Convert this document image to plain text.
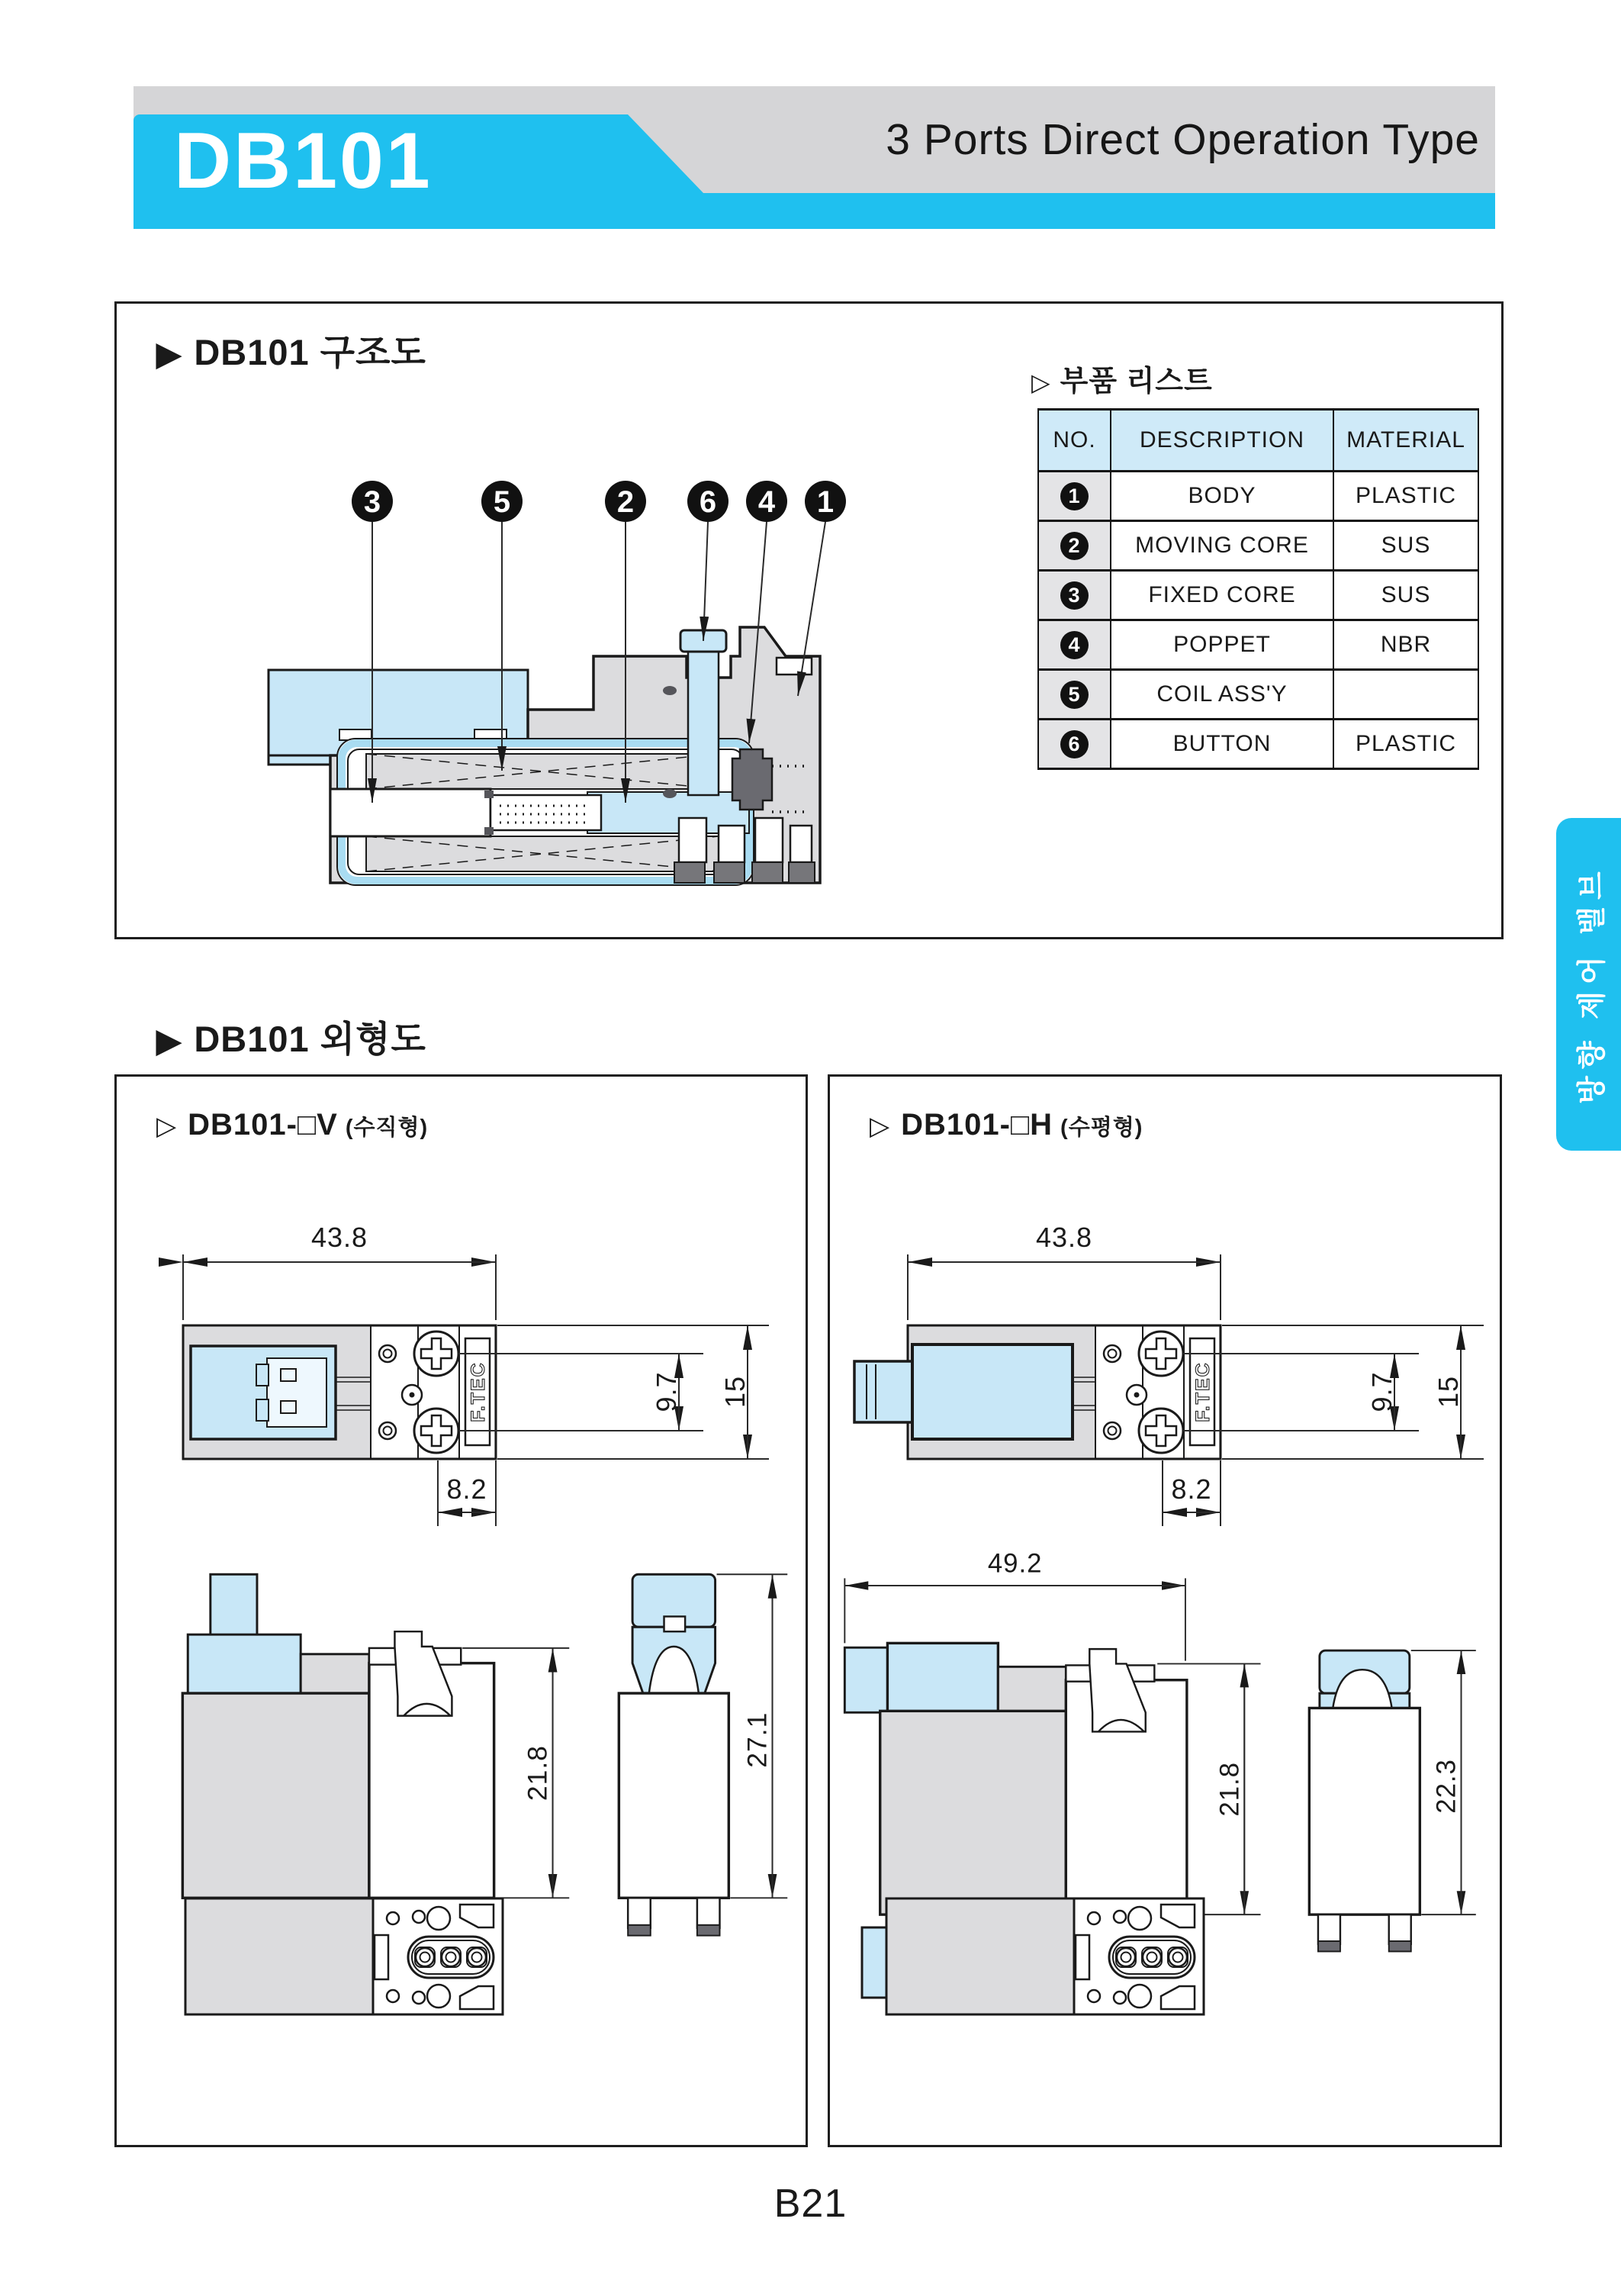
DB101	3 Ports Direct Operation Type
▶ DB101 구조도
3	5	2 6 4 1
▷ 부품 리스트
NO.	DESCRIPTION	MATERIAL
1	BODY	PLASTIC
2	MOVING CORE	SUS
3	FIXED CORE	SUS
4	POPPET	NBR
5	COIL ASS'Y	
6	BUTTON	PLASTIC
▶ DB101 외형도
▷ DB101-□V (수직형)	▷ DB101-□H (수평형)
43.8
F.TEC	9.7 15
8.2
43.8
F.TEC	9.7 15
8.2
21.8
27.1
49.2
21.8	22.3
방향 제어 밸브
B21
